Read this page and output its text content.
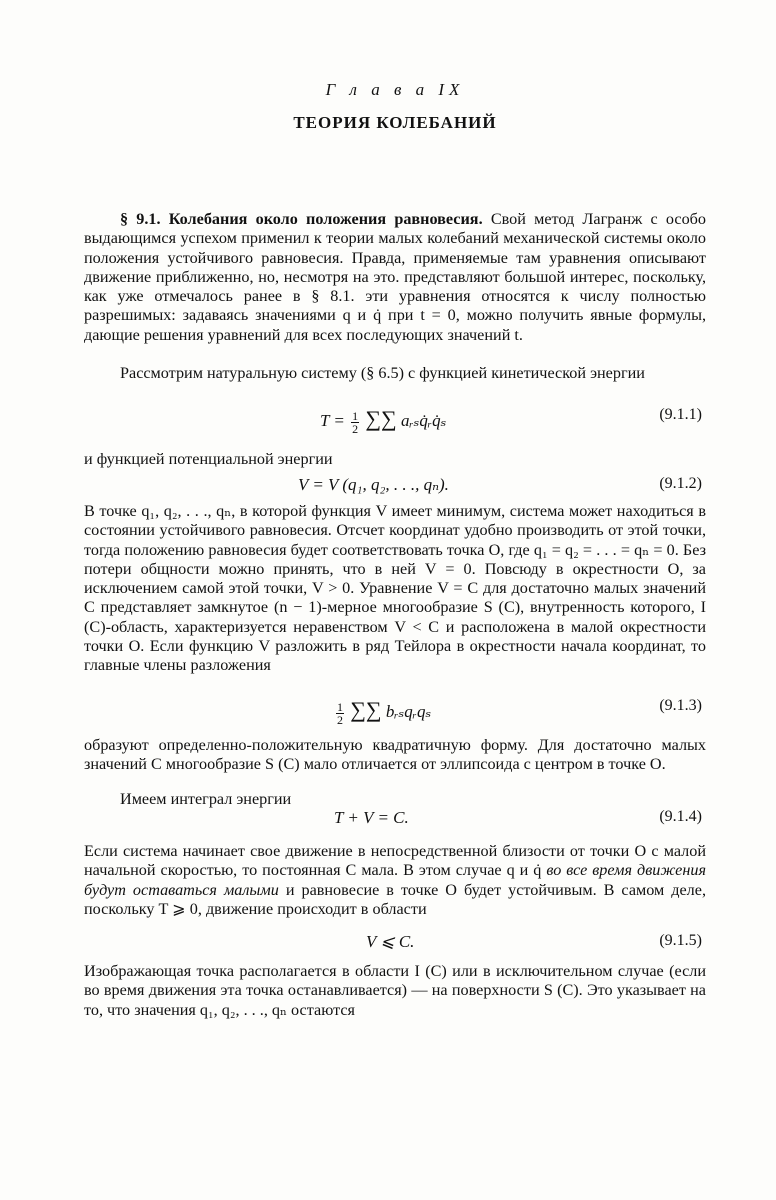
Г л а в а IX
ТЕОРИЯ КОЛЕБАНИЙ
§ 9.1. Колебания около положения равновесия. Свой метод Лагранж с особо выдающимся успехом применил к теории малых колебаний механической системы около положения устойчивого равновесия. Правда, применяемые там уравнения описывают движение приближенно, но, несмотря на это. представляют большой интерес, поскольку, как уже отмечалось ранее в § 8.1. эти уравнения относятся к числу полностью разрешимых: задаваясь значениями q и q̇ при t = 0, можно получить явные формулы, дающие решения уравнений для всех последующих значений t.
Рассмотрим натуральную систему (§ 6.5) с функцией кинетической энергии
$T = \frac{1}{2}$ ∑∑ aᵣₛq̇ᵣq̇ₛ	(9.1.1)
и функцией потенциальной энергии
V = V (q₁, q₂, . . ., qₙ).	(9.1.2)
В точке q₁, q₂, . . ., qₙ, в которой функция V имеет минимум, система может находиться в состоянии устойчивого равновесия. Отсчет координат удобно производить от этой точки, тогда положению равновесия будет соответствовать точка O, где q₁ = q₂ = . . . = qₙ = 0. Без потери общности можно принять, что в ней V = 0. Повсюду в окрестности O, за исключением самой этой точки, V > 0. Уравнение V = C для достаточно малых значений C представляет замкнутое (n − 1)-мерное многообразие S (C), внутренность которого, I (C)-область, характеризуется неравенством V < C и расположена в малой окрестности точки O. Если функцию V разложить в ряд Тейлора в окрестности начала координат, то главные члены разложения
$\frac{1}{2}$ ∑∑ bᵣₛqᵣqₛ	(9.1.3)
образуют определенно-положительную квадратичную форму. Для достаточно малых значений C многообразие S (C) мало отличается от эллипсоида с центром в точке O.
Имеем интеграл энергии
T + V = C.	(9.1.4)
Если система начинает свое движение в непосредственной близости от точки O с малой начальной скоростью, то постоянная C мала. В этом случае q и q̇ во все время движения будут оставаться малыми и равновесие в точке O будет устойчивым. В самом деле, поскольку T ⩾ 0, движение происходит в области
V ⩽ C.	(9.1.5)
Изображающая точка располагается в области I (C) или в исключительном случае (если во время движения эта точка останавливается) — на поверхности S (C). Это указывает на то, что значения q₁, q₂, . . ., qₙ остаются
